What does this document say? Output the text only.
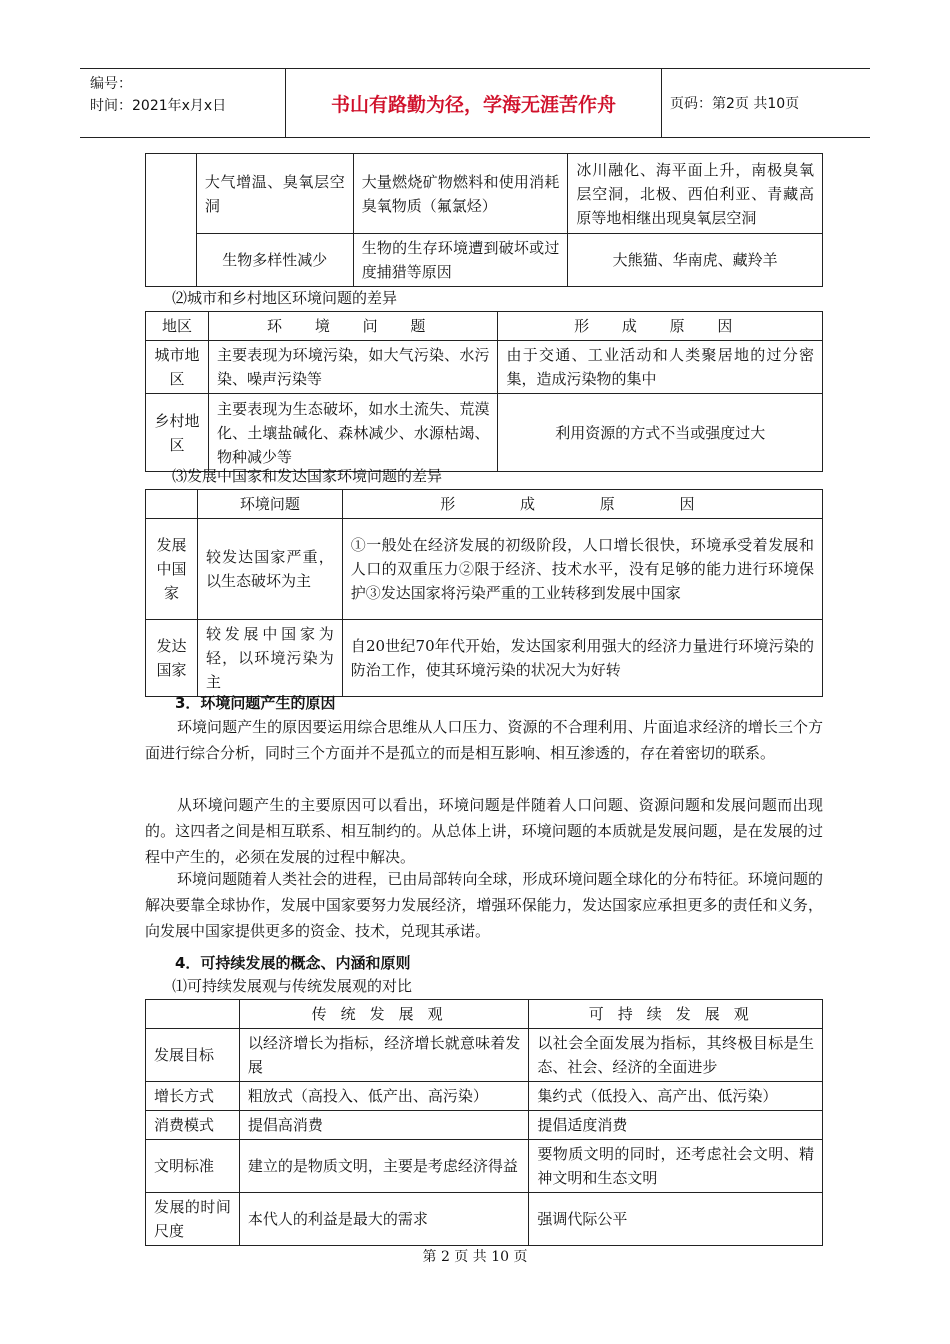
编号：
时间：2021年x月x日	书山有路勤为径，学海无涯苦作舟	页码：第2页 共10页
	大气增温、臭氧层空洞	大量燃烧矿物燃料和使用消耗臭氧物质（氟氯烃）	冰川融化、海平面上升，南极臭氧层空洞，北极、西伯利亚、青藏高原等地相继出现臭氧层空洞
	生物多样性减少	生物的生存环境遭到破坏或过度捕猎等原因	大熊猫、华南虎、藏羚羊
⑵城市和乡村地区环境问题的差异
地区	环 境 问 题	形 成 原 因
城市地区	主要表现为环境污染，如大气污染、水污染、噪声污染等	由于交通、工业活动和人类聚居地的过分密集，造成污染物的集中
乡村地区	主要表现为生态破坏，如水土流失、荒漠化、土壤盐碱化、森林减少、水源枯竭、物种减少等	利用资源的方式不当或强度过大
⑶发展中国家和发达国家环境问题的差异
	环境问题	形 成 原 因
发展中国家	较发达国家严重，以生态破坏为主	①一般处在经济发展的初级阶段，人口增长很快，环境承受着发展和人口的双重压力②限于经济、技术水平，没有足够的能力进行环境保护③发达国家将污染严重的工业转移到发展中国家
发达国家	较发展中国家为轻，以环境污染为主	自20世纪70年代开始，发达国家利用强大的经济力量进行环境污染的防治工作，使其环境污染的状况大为好转
3．环境问题产生的原因

环境问题产生的原因要运用综合思维从人口压力、资源的不合理利用、片面追求经济的增长三个方面进行综合分析，同时三个方面并不是孤立的而是相互影响、相互渗透的，存在着密切的联系。

从环境问题产生的主要原因可以看出，环境问题是伴随着人口问题、资源问题和发展问题而出现的。这四者之间是相互联系、相互制约的。从总体上讲，环境问题的本质就是发展问题，是在发展的过程中产生的，必须在发展的过程中解决。

环境问题随着人类社会的进程，已由局部转向全球，形成环境问题全球化的分布特征。环境问题的解决要靠全球协作，发展中国家要努力发展经济，增强环保能力，发达国家应承担更多的责任和义务，向发展中国家提供更多的资金、技术，兑现其承诺。

4．可持续发展的概念、内涵和原则
⑴可持续发展观与传统发展观的对比
	传统发展观	可持续发展观
发展目标	以经济增长为指标，经济增长就意味着发展	以社会全面发展为指标，其终极目标是生态、社会、经济的全面进步
增长方式	粗放式（高投入、低产出、高污染）	集约式（低投入、高产出、低污染）
消费模式	提倡高消费	提倡适度消费
文明标准	建立的是物质文明，主要是考虑经济得益	要物质文明的同时，还考虑社会文明、精神文明和生态文明
发展的时间尺度	本代人的利益是最大的需求	强调代际公平
第 2 页 共 10 页
